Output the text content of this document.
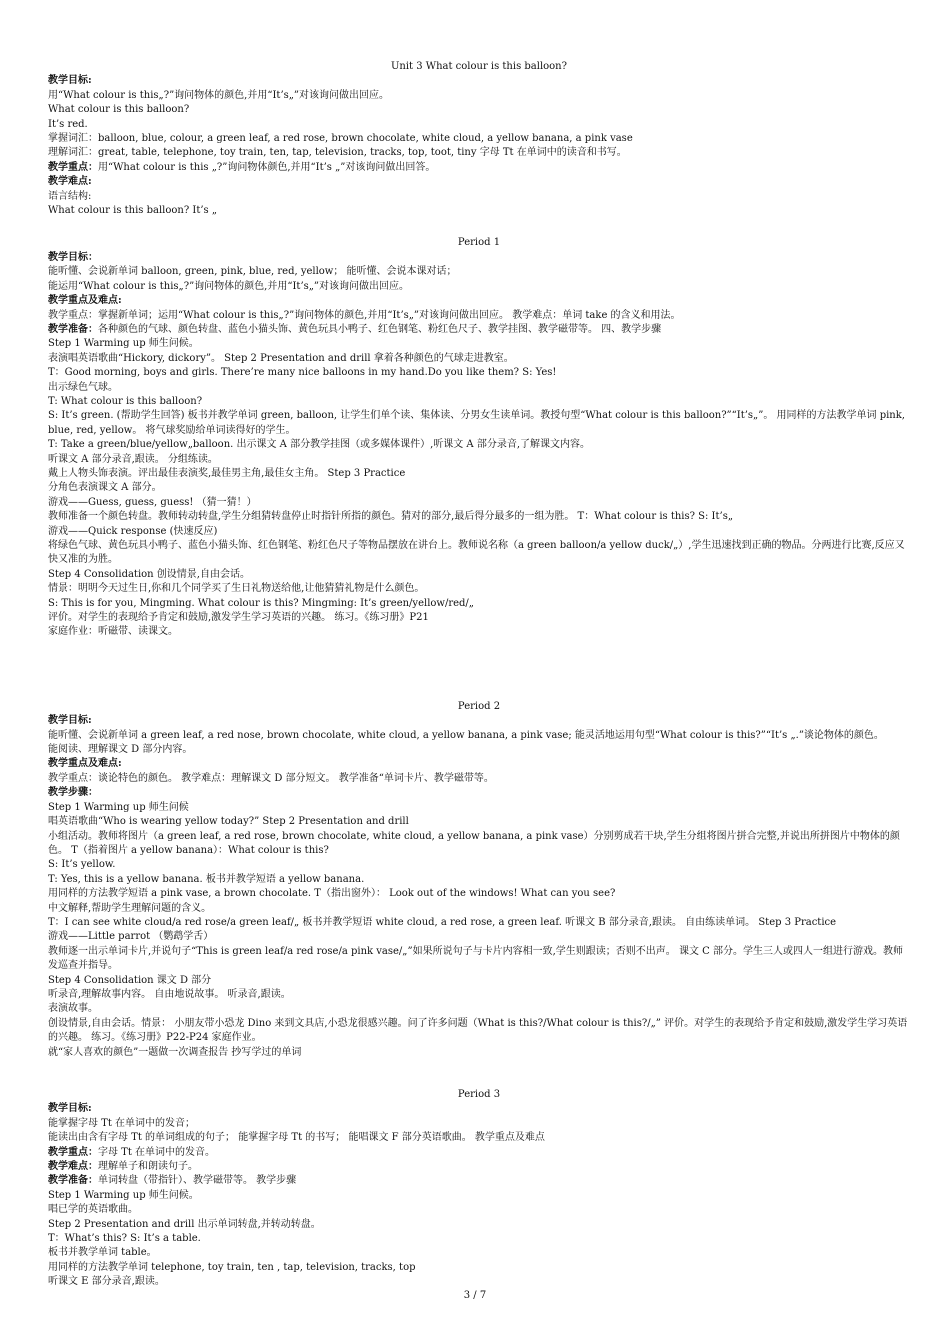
Unit 3 What colour is this balloon?
教学目标:
用“What colour is this„?”询问物体的颜色,并用“It’s„”对该询问做出回应。
What colour is this balloon?
It’s red.
掌握词汇：balloon, blue, colour, a green leaf, a red rose, brown chocolate, white cloud, a yellow banana, a pink vase
理解词汇：great, table, telephone, toy train, ten, tap, television, tracks, top, toot, tiny 字母 Tt 在单词中的读音和书写。
教学重点：用“What colour is this „?”询问物体颜色,并用“It’s „”对该询问做出回答。
教学难点:
语言结构:
What colour is this balloon? It’s „
Period 1
教学目标：
能听懂、会说新单词 balloon, green, pink, blue, red, yellow； 能听懂、会说本课对话；
能运用“What colour is this„?”询问物体的颜色,并用“It’s„”对该询问做出回应。
教学重点及难点:
教学重点：掌握新单词；运用“What colour is this„?”询问物体的颜色,并用“It’s„”对该询问做出回应。 教学难点：单词 take 的含义和用法。
教学准备：各种颜色的气球、颜色转盘、蓝色小猫头饰、黄色玩具小鸭子、红色钢笔、粉红色尺子、教学挂图、教学磁带等。 四、教学步骤
Step 1 Warming up 师生问候。
表演唱英语歌曲“Hickory, dickory”。 Step 2 Presentation and drill 拿着各种颜色的气球走进教室。
T：Good morning, boys and girls. There’re many nice balloons in my hand.Do you like them? S: Yes!
出示绿色气球。
T: What colour is this balloon?
S: It’s green. (帮助学生回答) 板书并教学单词 green, balloon, 让学生们单个读、集体读、分男女生读单词。教授句型“What colour is this balloon?”“It’s„”。 用同样的方法教学单词 pink, blue, red, yellow。 将气球奖励给单词读得好的学生。
T: Take a green/blue/yellow„balloon. 出示课文 A 部分教学挂图（或多媒体课件）,听课文 A 部分录音,了解课文内容。
听课文 A 部分录音,跟读。 分组练读。
戴上人物头饰表演。评出最佳表演奖,最佳男主角,最佳女主角。 Step 3 Practice
分角色表演课文 A 部分。
游戏——Guess, guess, guess! （猜一猜！）
教师准备一个颜色转盘。教师转动转盘,学生分组猜转盘停止时指针所指的颜色。猜对的部分,最后得分最多的一组为胜。 T：What colour is this? S: It’s„
游戏——Quick response (快速反应)
将绿色气球、黄色玩具小鸭子、蓝色小猫头饰、红色钢笔、粉红色尺子等物品摆放在讲台上。教师说名称（a green balloon/a yellow duck/„）,学生迅速找到正确的物品。分两进行比赛,反应又快又准的为胜。
Step 4 Consolidation 创设情景,自由会话。
情景：明明今天过生日,你和几个同学买了生日礼物送给他,让他猜猜礼物是什么颜色。
S: This is for you, Mingming. What colour is this? Mingming: It’s green/yellow/red/„
评价。对学生的表现给予肯定和鼓励,激发学生学习英语的兴趣。 练习。《练习册》P21
家庭作业：听磁带、读课文。
Period 2
教学目标:
能听懂、会说新单词 a green leaf, a red nose, brown chocolate, white cloud, a yellow banana, a pink vase; 能灵活地运用句型“What colour is this?”“It’s „.”谈论物体的颜色。
能阅读、理解课文 D 部分内容。
教学重点及难点:
教学重点：谈论特色的颜色。 教学难点：理解课文 D 部分短文。 教学准备“单词卡片、教学磁带等。
教学步骤：
Step 1 Warming up 师生问候
唱英语歌曲“Who is wearing yellow today?” Step 2 Presentation and drill
小组活动。教师将图片（a green leaf, a red rose, brown chocolate, white cloud, a yellow banana, a pink vase）分别剪成若干块,学生分组将图片拼合完整,并说出所拼图片中物体的颜色。 T（指着图片 a yellow banana）：What colour is this?
S: It’s yellow.
T: Yes, this is a yellow banana. 板书并教学短语 a yellow banana.
用同样的方法教学短语 a pink vase, a brown chocolate. T（指出窗外）： Look out of the windows! What can you see?
中文解释,帮助学生理解问题的含义。
T：I can see white cloud/a red rose/a green leaf/„ 板书并教学短语 white cloud, a red rose, a green leaf. 听课文 B 部分录音,跟读。 自由练读单词。 Step 3 Practice
游戏——Little parrot （鹦鹉学舌）
教师逐一出示单词卡片,并说句子“This is green leaf/a red rose/a pink vase/„”如果所说句子与卡片内容相一致,学生则跟读；否则不出声。 课文 C 部分。学生三人或四人一组进行游戏。教师发巡查并指导。
Step 4 Consolidation 课文 D 部分
听录音,理解故事内容。 自由地说故事。 听录音,跟读。
表演故事。
创设情景,自由会话。情景： 小朋友带小恐龙 Dino 来到文具店,小恐龙很感兴趣。问了许多问题（What is this?/What colour is this?/„” 评价。对学生的表现给予肯定和鼓励,激发学生学习英语的兴趣。 练习。《练习册》P22-P24 家庭作业。
就“家人喜欢的颜色”一题做一次调查报告 抄写学过的单词
Period 3
教学目标:
能掌握字母 Tt 在单词中的发音；
能读出由含有字母 Tt 的单词组成的句子； 能掌握字母 Tt 的书写； 能唱课文 F 部分英语歌曲。 教学重点及难点
教学重点：字母 Tt 在单词中的发音。
教学难点：理解单子和朗读句子。
教学准备：单词转盘（带指针）、教学磁带等。 教学步骤
Step 1 Warming up 师生问候。
唱已学的英语歌曲。
Step 2 Presentation and drill 出示单词转盘,并转动转盘。
T：What’s this? S: It’s a table.
板书并教学单词 table。
用同样的方法教学单词 telephone, toy train, ten , tap, television, tracks, top
听课文 E 部分录音,跟读。
3 / 7
